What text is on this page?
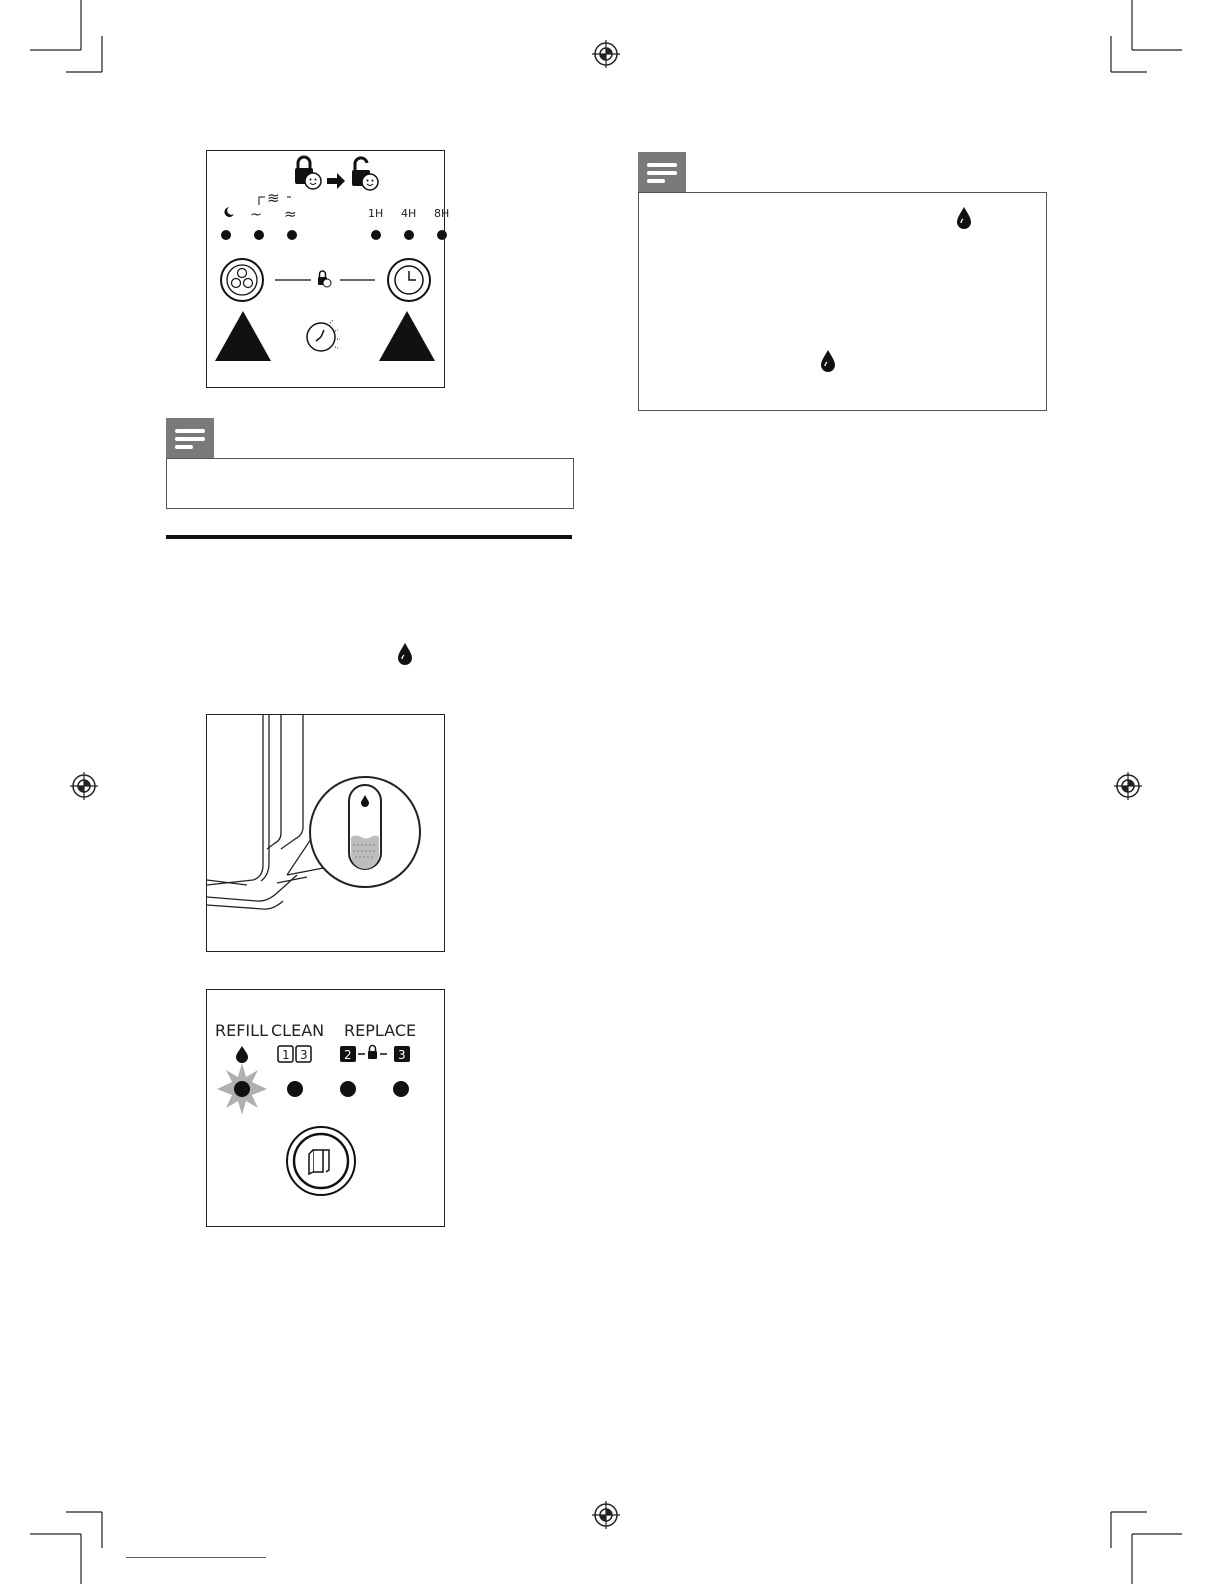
~
≋
≈	1H 4H 8H
REFILL CLEAN REPLACE
1 3	2	3
